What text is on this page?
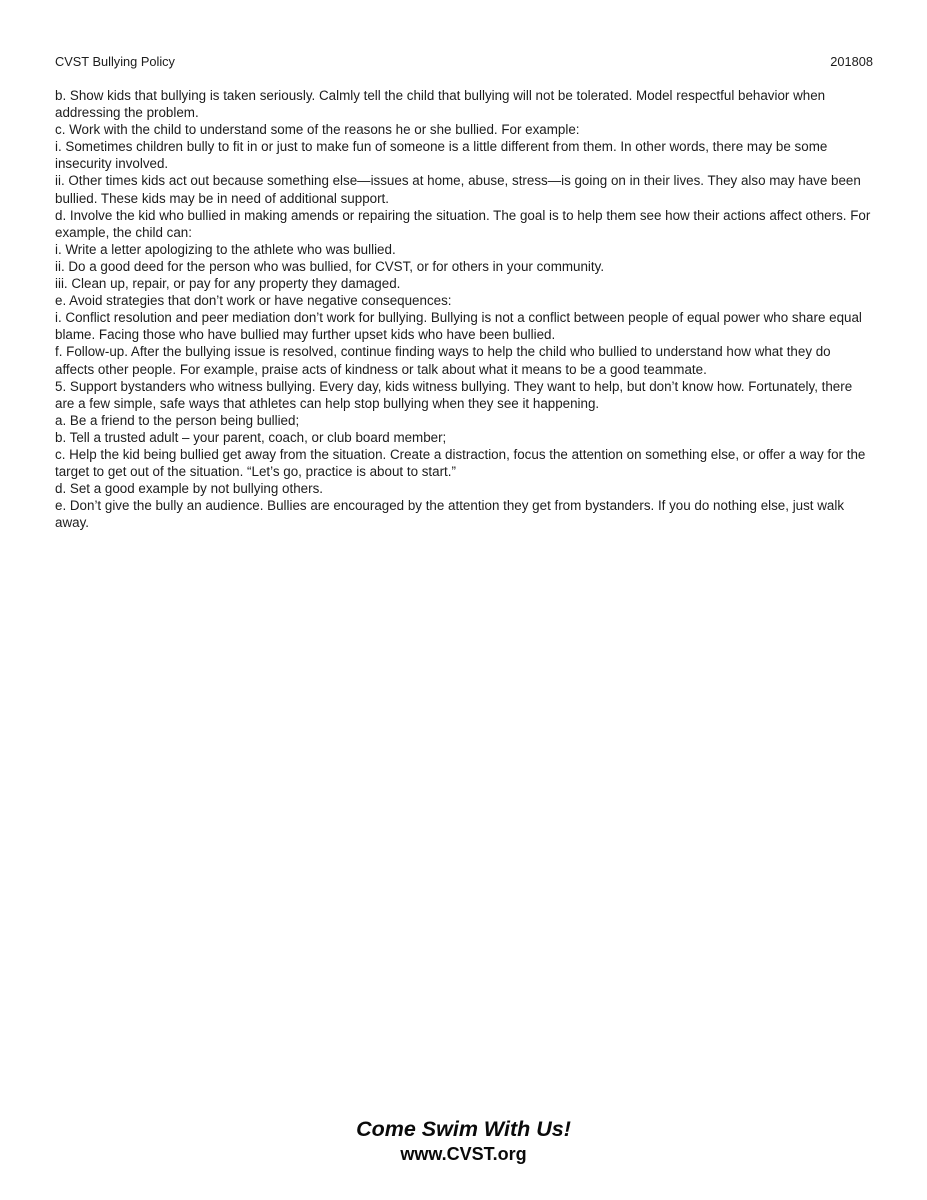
CVST Bullying Policy	201808

b. Show kids that bullying is taken seriously. Calmly tell the child that bullying will not be tolerated. Model respectful behavior when addressing the problem.

c. Work with the child to understand some of the reasons he or she bullied. For example:

i. Sometimes children bully to fit in or just to make fun of someone is a little different from them. In other words, there may be some insecurity involved.

ii. Other times kids act out because something else—issues at home, abuse, stress—is going on in their lives. They also may have been bullied. These kids may be in need of additional support.

d. Involve the kid who bullied in making amends or repairing the situation. The goal is to help them see how their actions affect others. For example, the child can:

i. Write a letter apologizing to the athlete who was bullied.

ii. Do a good deed for the person who was bullied, for CVST, or for others in your community.

iii. Clean up, repair, or pay for any property they damaged.

e. Avoid strategies that don’t work or have negative consequences:

i. Conflict resolution and peer mediation don’t work for bullying. Bullying is not a conflict between people of equal power who share equal blame. Facing those who have bullied may further upset kids who have been bullied.

f. Follow-up. After the bullying issue is resolved, continue finding ways to help the child who bullied to understand how what they do affects other people. For example, praise acts of kindness or talk about what it means to be a good teammate.

5. Support bystanders who witness bullying. Every day, kids witness bullying. They want to help, but don’t know how. Fortunately, there are a few simple, safe ways that athletes can help stop bullying when they see it happening.

a. Be a friend to the person being bullied;

b. Tell a trusted adult – your parent, coach, or club board member;

c. Help the kid being bullied get away from the situation. Create a distraction, focus the attention on something else, or offer a way for the target to get out of the situation. “Let’s go, practice is about to start.”

d. Set a good example by not bullying others.

e. Don’t give the bully an audience. Bullies are encouraged by the attention they get from bystanders. If you do nothing else, just walk away.

Come Swim With Us!

www.CVST.org
